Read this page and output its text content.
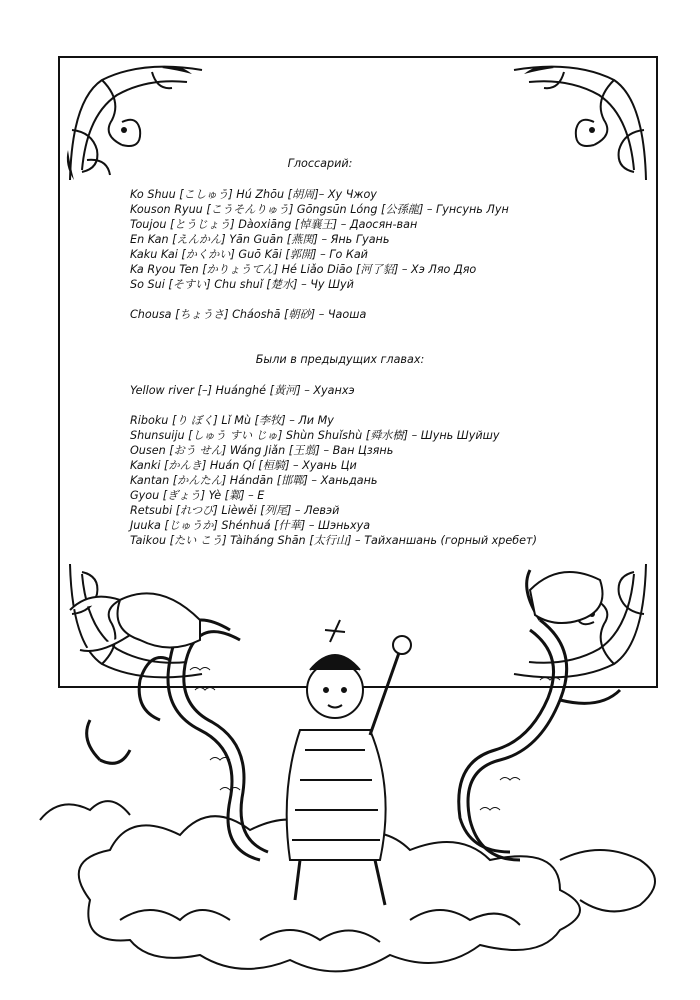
Глоссарий:
Ko Shuu [こしゅう] Hú Zhōu [胡周]– Ху Чжоу
Kouson Ryuu [こうそんりゅう] Gōngsūn Lóng [公孫龍] – Гунсунь Лун
Toujou [とうじょう] Dàoxiāng [悼襄王] – Даосян-ван
En Kan [えんかん] Yān Guān [燕関] – Янь Гуань
Kaku Kai [かくかい] Guō Kāi [郭開] – Го Кай
Ka Ryou Ten [かりょうてん] Hé Liǎo Diāo [河了貂] – Хэ Ляо Дяо
So Sui [そすい] Chu shuǐ [楚水] – Чу Шуй
Chousa [ちょうさ] Cháoshā [朝砂] – Чаоша
Были в предыдущих главах:
Yellow river [–] Huánghé [黃河] – Хуанхэ
Riboku [り ぼく] Lǐ Mù [李牧] – Ли Му
Shunsuiju [しゅう すい じゅ] Shùn Shuǐshù [舜水樹] – Шунь Шуйшу
Ousen [おう せん] Wáng Jiǎn [王翦] – Ван Цзянь
Kanki [かんき] Huán Qí [桓騎] – Хуань Ци
Kantan [かんたん] Hándān [邯鄲] – Ханьдань
Gyou [ぎょう] Yè [鄴] – Е
Retsubi [れつび] Lièwěi [列尾] – Левэй
Juuka [じゅうか] Shénhuá [什華] – Шэньхуа
Taikou [たい こう] Tàiháng Shān [太行山] – Тайханшань (горный хребет)
